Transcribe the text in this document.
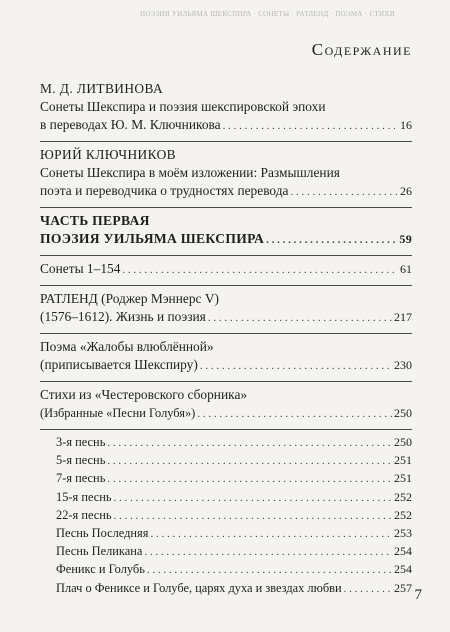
ПОЭЗИЯ УИЛЬЯМА ШЕКСПИРА · СОНЕТЫ · РАТЛЕНД · ПОЭМА · СТИХИ
Содержание
М. Д. ЛИТВИНОВА
Сонеты Шекспира и поэзия шекспировской эпохи
в переводах Ю. М. Ключникова . . .	16
ЮРИЙ КЛЮЧНИКОВ
Сонеты Шекспира в моём изложении: Размышления
поэта и переводчика о трудностях перевода . . .	26
ЧАСТЬ ПЕРВАЯ
ПОЭЗИЯ УИЛЬЯМА ШЕКСПИРА . . .	59
Сонеты 1–154 . . .	61
РАТЛЕНД (Роджер Мэннерс V)
(1576–1612). Жизнь и поэзия . . .	217
Поэма «Жалобы влюблённой»
(приписывается Шекспиру) . . .	230
Стихи из «Честеровского сборника»
(Избранные «Песни Голубя») . . .	250
3-я песнь . . .	250
5-я песнь . . .	251
7-я песнь . . .	251
15-я песнь . . .	252
22-я песнь . . .	252
Песнь Последняя . . .	253
Песнь Пеликана . . .	254
Феникс и Голубь . . .	254
Плач о Фениксе и Голубе, царях духа и звездах любви . . .	257 7
